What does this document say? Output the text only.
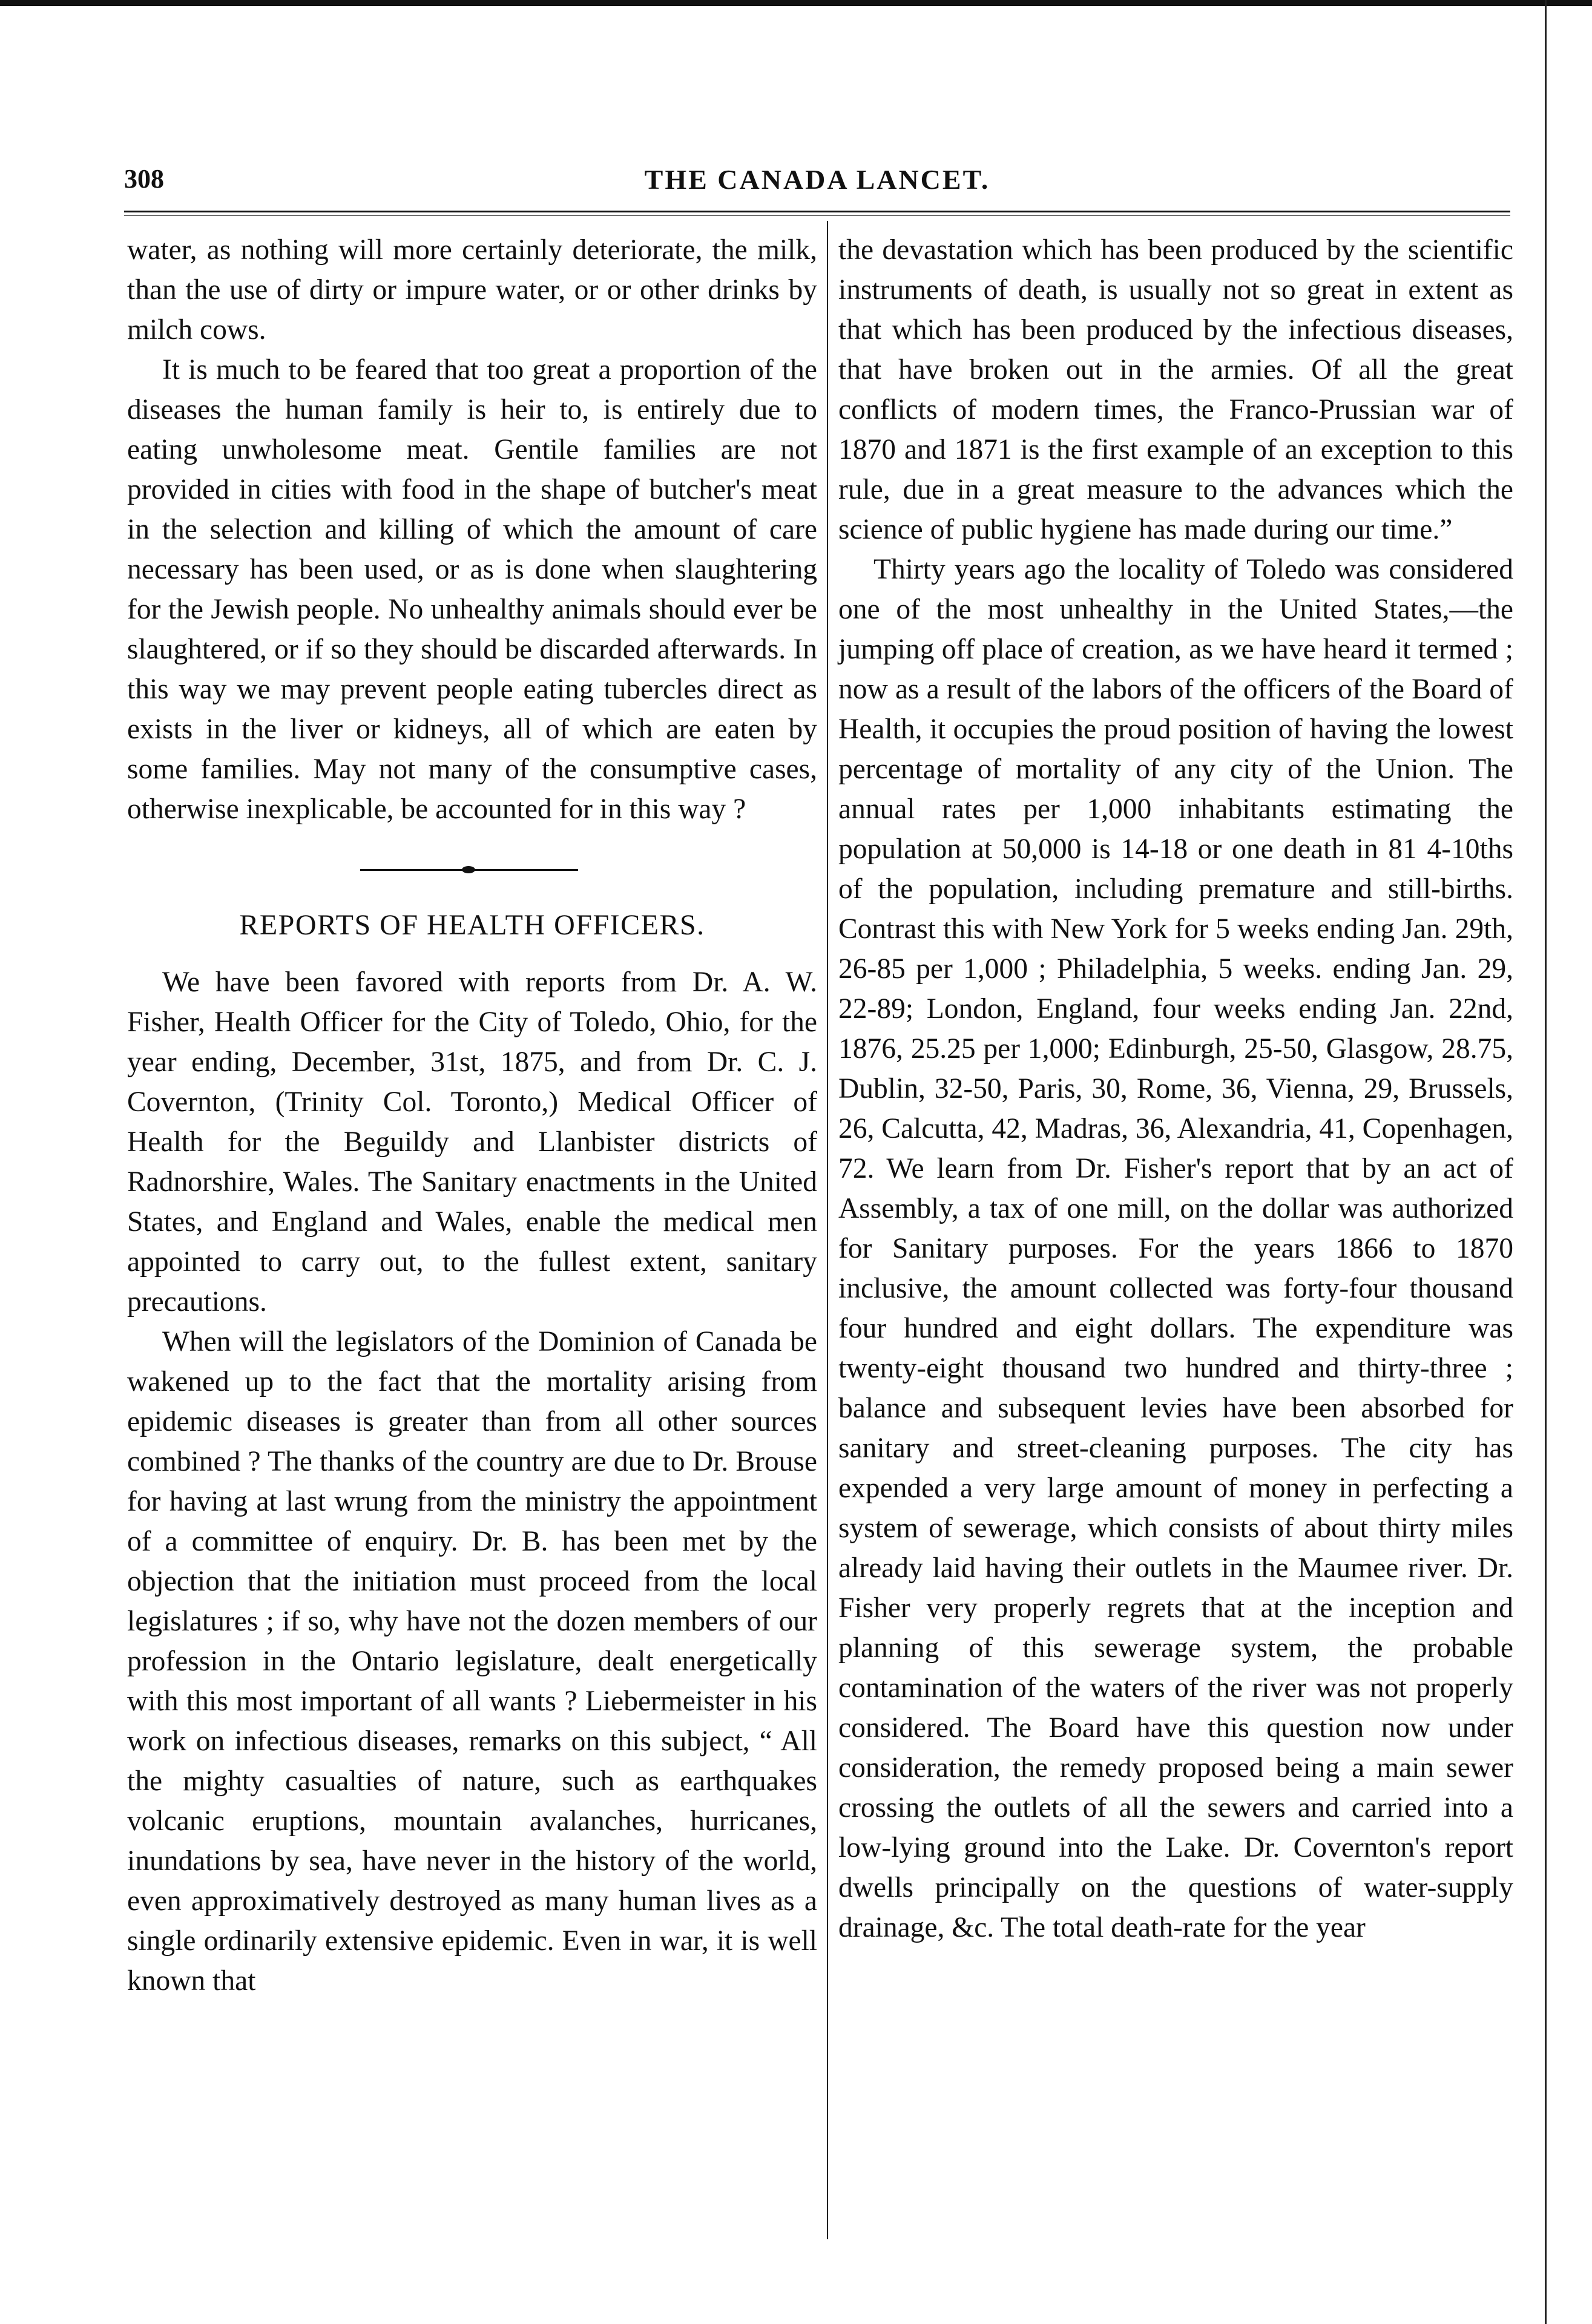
308	THE CANADA LANCET.

water, as nothing will more certainly deteriorate, the milk, than the use of dirty or impure water, or or other drinks by milch cows.

It is much to be feared that too great a proportion of the diseases the human family is heir to, is entirely due to eating unwholesome meat. Gentile families are not provided in cities with food in the shape of butcher's meat in the selection and killing of which the amount of care necessary has been used, or as is done when slaughtering for the Jewish people. No unhealthy animals should ever be slaughtered, or if so they should be discarded afterwards. In this way we may prevent people eating tubercles direct as exists in the liver or kidneys, all of which are eaten by some families. May not many of the consumptive cases, otherwise inexplicable, be accounted for in this way ?

REPORTS OF HEALTH OFFICERS.

We have been favored with reports from Dr. A. W. Fisher, Health Officer for the City of Toledo, Ohio, for the year ending, December, 31st, 1875, and from Dr. C. J. Covernton, (Trinity Col. Toronto,) Medical Officer of Health for the Beguildy and Llanbister districts of Radnorshire, Wales. The Sanitary enactments in the United States, and England and Wales, enable the medical men appointed to carry out, to the fullest extent, sanitary precautions.

When will the legislators of the Dominion of Canada be wakened up to the fact that the mortality arising from epidemic diseases is greater than from all other sources combined ? The thanks of the country are due to Dr. Brouse for having at last wrung from the ministry the appointment of a committee of enquiry. Dr. B. has been met by the objection that the initiation must proceed from the local legislatures ; if so, why have not the dozen members of our profession in the Ontario legislature, dealt energetically with this most important of all wants ? Liebermeister in his work on infectious diseases, remarks on this subject, “ All the mighty casualties of nature, such as earthquakes volcanic eruptions, mountain avalanches, hurricanes, inundations by sea, have never in the history of the world, even approximatively destroyed as many human lives as a single ordinarily extensive epidemic. Even in war, it is well known that

the devastation which has been produced by the scientific instruments of death, is usually not so great in extent as that which has been produced by the infectious diseases, that have broken out in the armies. Of all the great conflicts of modern times, the Franco-Prussian war of 1870 and 1871 is the first example of an exception to this rule, due in a great measure to the advances which the science of public hygiene has made during our time.”

Thirty years ago the locality of Toledo was considered one of the most unhealthy in the United States,—the jumping off place of creation, as we have heard it termed ; now as a result of the labors of the officers of the Board of Health, it occupies the proud position of having the lowest percentage of mortality of any city of the Union. The annual rates per 1,000 inhabitants estimating the population at 50,000 is 14-18 or one death in 81 4-10ths of the population, including premature and still-births. Contrast this with New York for 5 weeks ending Jan. 29th, 26-85 per 1,000 ; Philadelphia, 5 weeks. ending Jan. 29, 22-89; London, England, four weeks ending Jan. 22nd, 1876, 25.25 per 1,000; Edinburgh, 25-50, Glasgow, 28.75, Dublin, 32-50, Paris, 30, Rome, 36, Vienna, 29, Brussels, 26, Calcutta, 42, Madras, 36, Alexandria, 41, Copenhagen, 72. We learn from Dr. Fisher's report that by an act of Assembly, a tax of one mill, on the dollar was authorized for Sanitary purposes. For the years 1866 to 1870 inclusive, the amount collected was forty-four thousand four hundred and eight dollars. The expenditure was twenty-eight thousand two hundred and thirty-three ; balance and subsequent levies have been absorbed for sanitary and street-cleaning purposes. The city has expended a very large amount of money in perfecting a system of sewerage, which consists of about thirty miles already laid having their outlets in the Maumee river. Dr. Fisher very properly regrets that at the inception and planning of this sewerage system, the probable contamination of the waters of the river was not properly considered. The Board have this question now under consideration, the remedy proposed being a main sewer crossing the outlets of all the sewers and carried into a low-lying ground into the Lake. Dr. Covernton's report dwells principally on the questions of water-supply drainage, &c. The total death-rate for the year
